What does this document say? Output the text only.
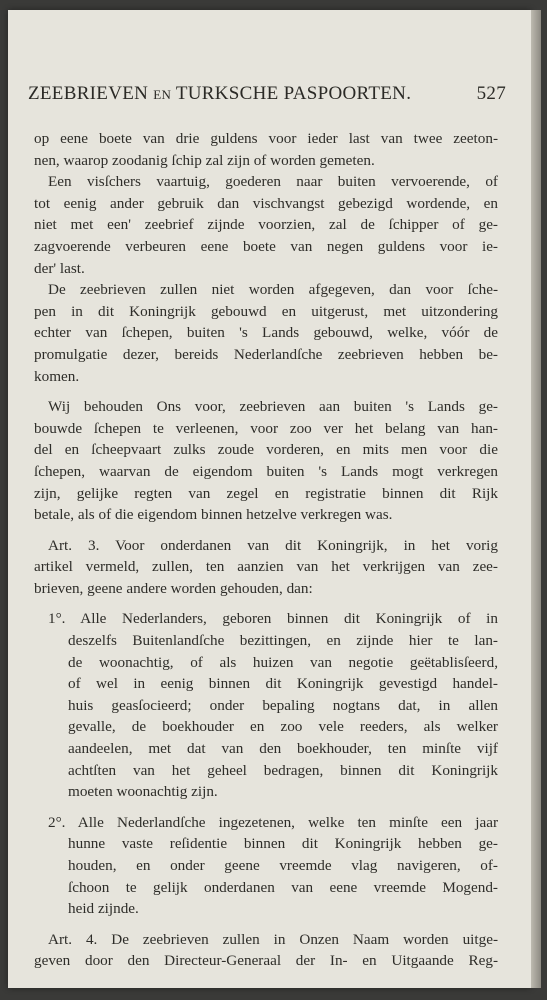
ZEEBRIEVEN EN TURKSCHE PASPOORTEN.	527
op eene boete van drie guldens voor ieder last van twee zeeton-
nen, waarop zoodanig ſchip zal zijn of worden gemeten.
Een visſchers vaartuig, goederen naar buiten vervoerende, of
tot eenig ander gebruik dan vischvangst gebezigd wordende, en
niet met een' zeebrief zijnde voorzien, zal de ſchipper of ge-
zagvoerende verbeuren eene boete van negen guldens voor ie-
der' last.
De zeebrieven zullen niet worden afgegeven, dan voor ſche-
pen in dit Koningrijk gebouwd en uitgerust, met uitzondering
echter van ſchepen, buiten 's Lands gebouwd, welke, vóór de
promulgatie dezer, bereids Nederlandſche zeebrieven hebben be-
komen.
Wij behouden Ons voor, zeebrieven aan buiten 's Lands ge-
bouwde ſchepen te verleenen, voor zoo ver het belang van han-
del en ſcheepvaart zulks zoude vorderen, en mits men voor die
ſchepen, waarvan de eigendom buiten 's Lands mogt verkregen
zijn, gelijke regten van zegel en registratie binnen dit Rijk
betale, als of die eigendom binnen hetzelve verkregen was.
Art. 3. Voor onderdanen van dit Koningrijk, in het vorig
artikel vermeld, zullen, ten aanzien van het verkrijgen van zee-
brieven, geene andere worden gehouden, dan:
1°. Alle Nederlanders, geboren binnen dit Koningrijk of in
deszelfs Buitenlandſche bezittingen, en zijnde hier te lan-
de woonachtig, of als huizen van negotie geëtablisſeerd,
of wel in eenig binnen dit Koningrijk gevestigd handel-
huis geasſocieerd; onder bepaling nogtans dat, in allen
gevalle, de boekhouder en zoo vele reeders, als welker
aandeelen, met dat van den boekhouder, ten minſte vijf
achtſten van het geheel bedragen, binnen dit Koningrijk
moeten woonachtig zijn.
2°. Alle Nederlandſche ingezetenen, welke ten minſte een jaar
hunne vaste reſidentie binnen dit Koningrijk hebben ge-
houden, en onder geene vreemde vlag navigeren, of-
ſchoon te gelijk onderdanen van eene vreemde Mogend-
heid zijnde.
Art. 4. De zeebrieven zullen in Onzen Naam worden uitge-
geven door den Directeur-Generaal der In- en Uitgaande Reg-
